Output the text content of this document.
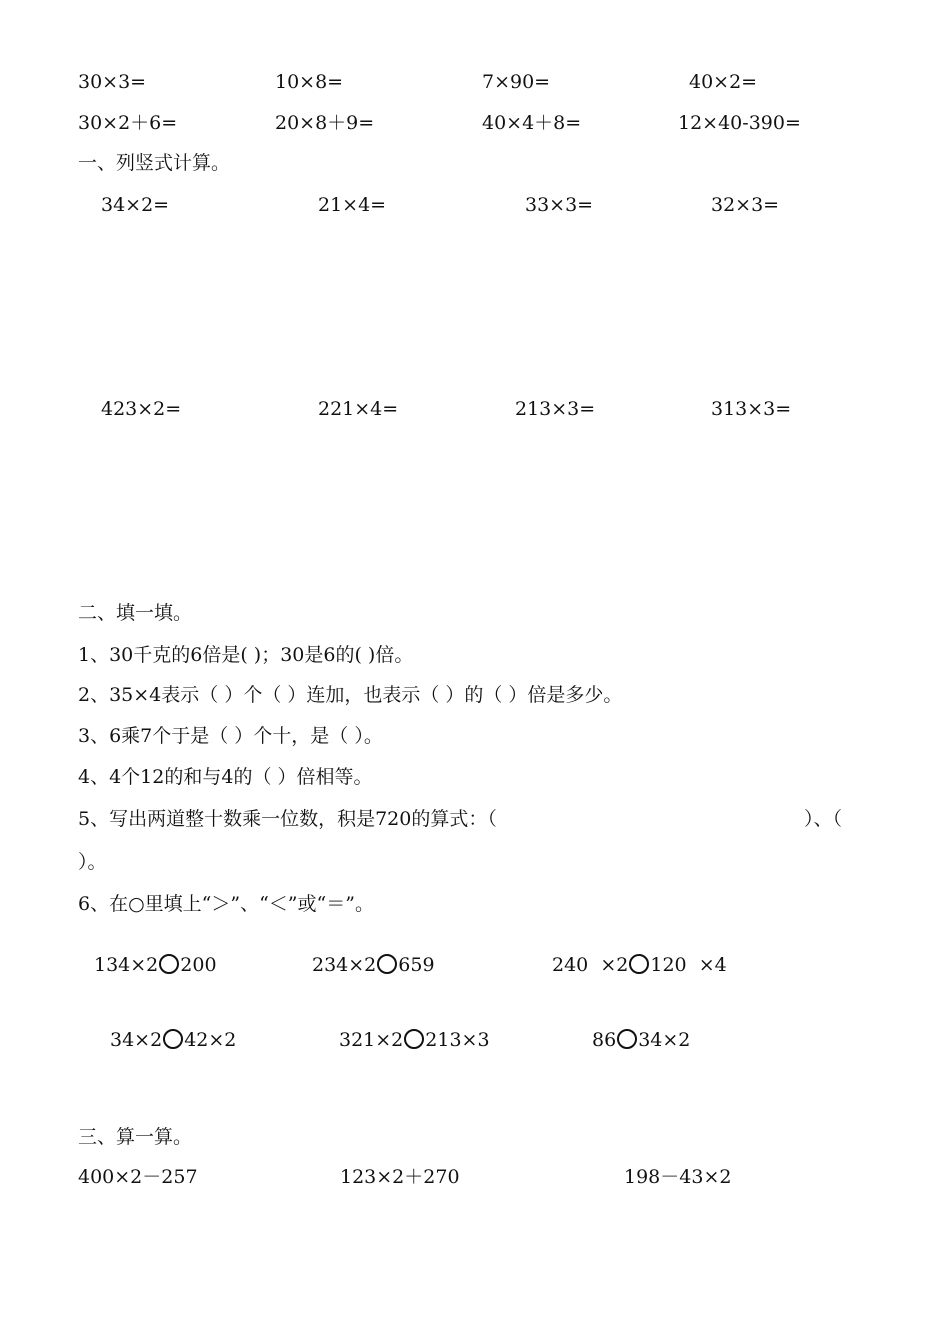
30×3=	10×8=	7×90=	40×2=
30×2＋6=	20×8＋9=	40×4＋8=	12×40-390=
一、列竖式计算。
34×2=	21×4=	33×3=	32×3=
423×2=	221×4=	213×3=	313×3=
二、填一填。
1、30千克的6倍是( )；30是6的( )倍。
2、35×4表示（ ）个（ ）连加，也表示（ ）的（ ）倍是多少。
3、6乘7个于是（ ）个十，是（ ）。
4、4个12的和与4的（ ）倍相等。
5、写出两道整十数乘一位数，积是720的算式：（	）、（
）。
6、在○里填上“＞”、“＜”或“＝”。
134×2 200	234×2 659	240  ×2 120  ×4
34×2 42×2	321×2 213×3	86 34×2
三、算一算。
400×2－257	123×2＋270	198－43×2
